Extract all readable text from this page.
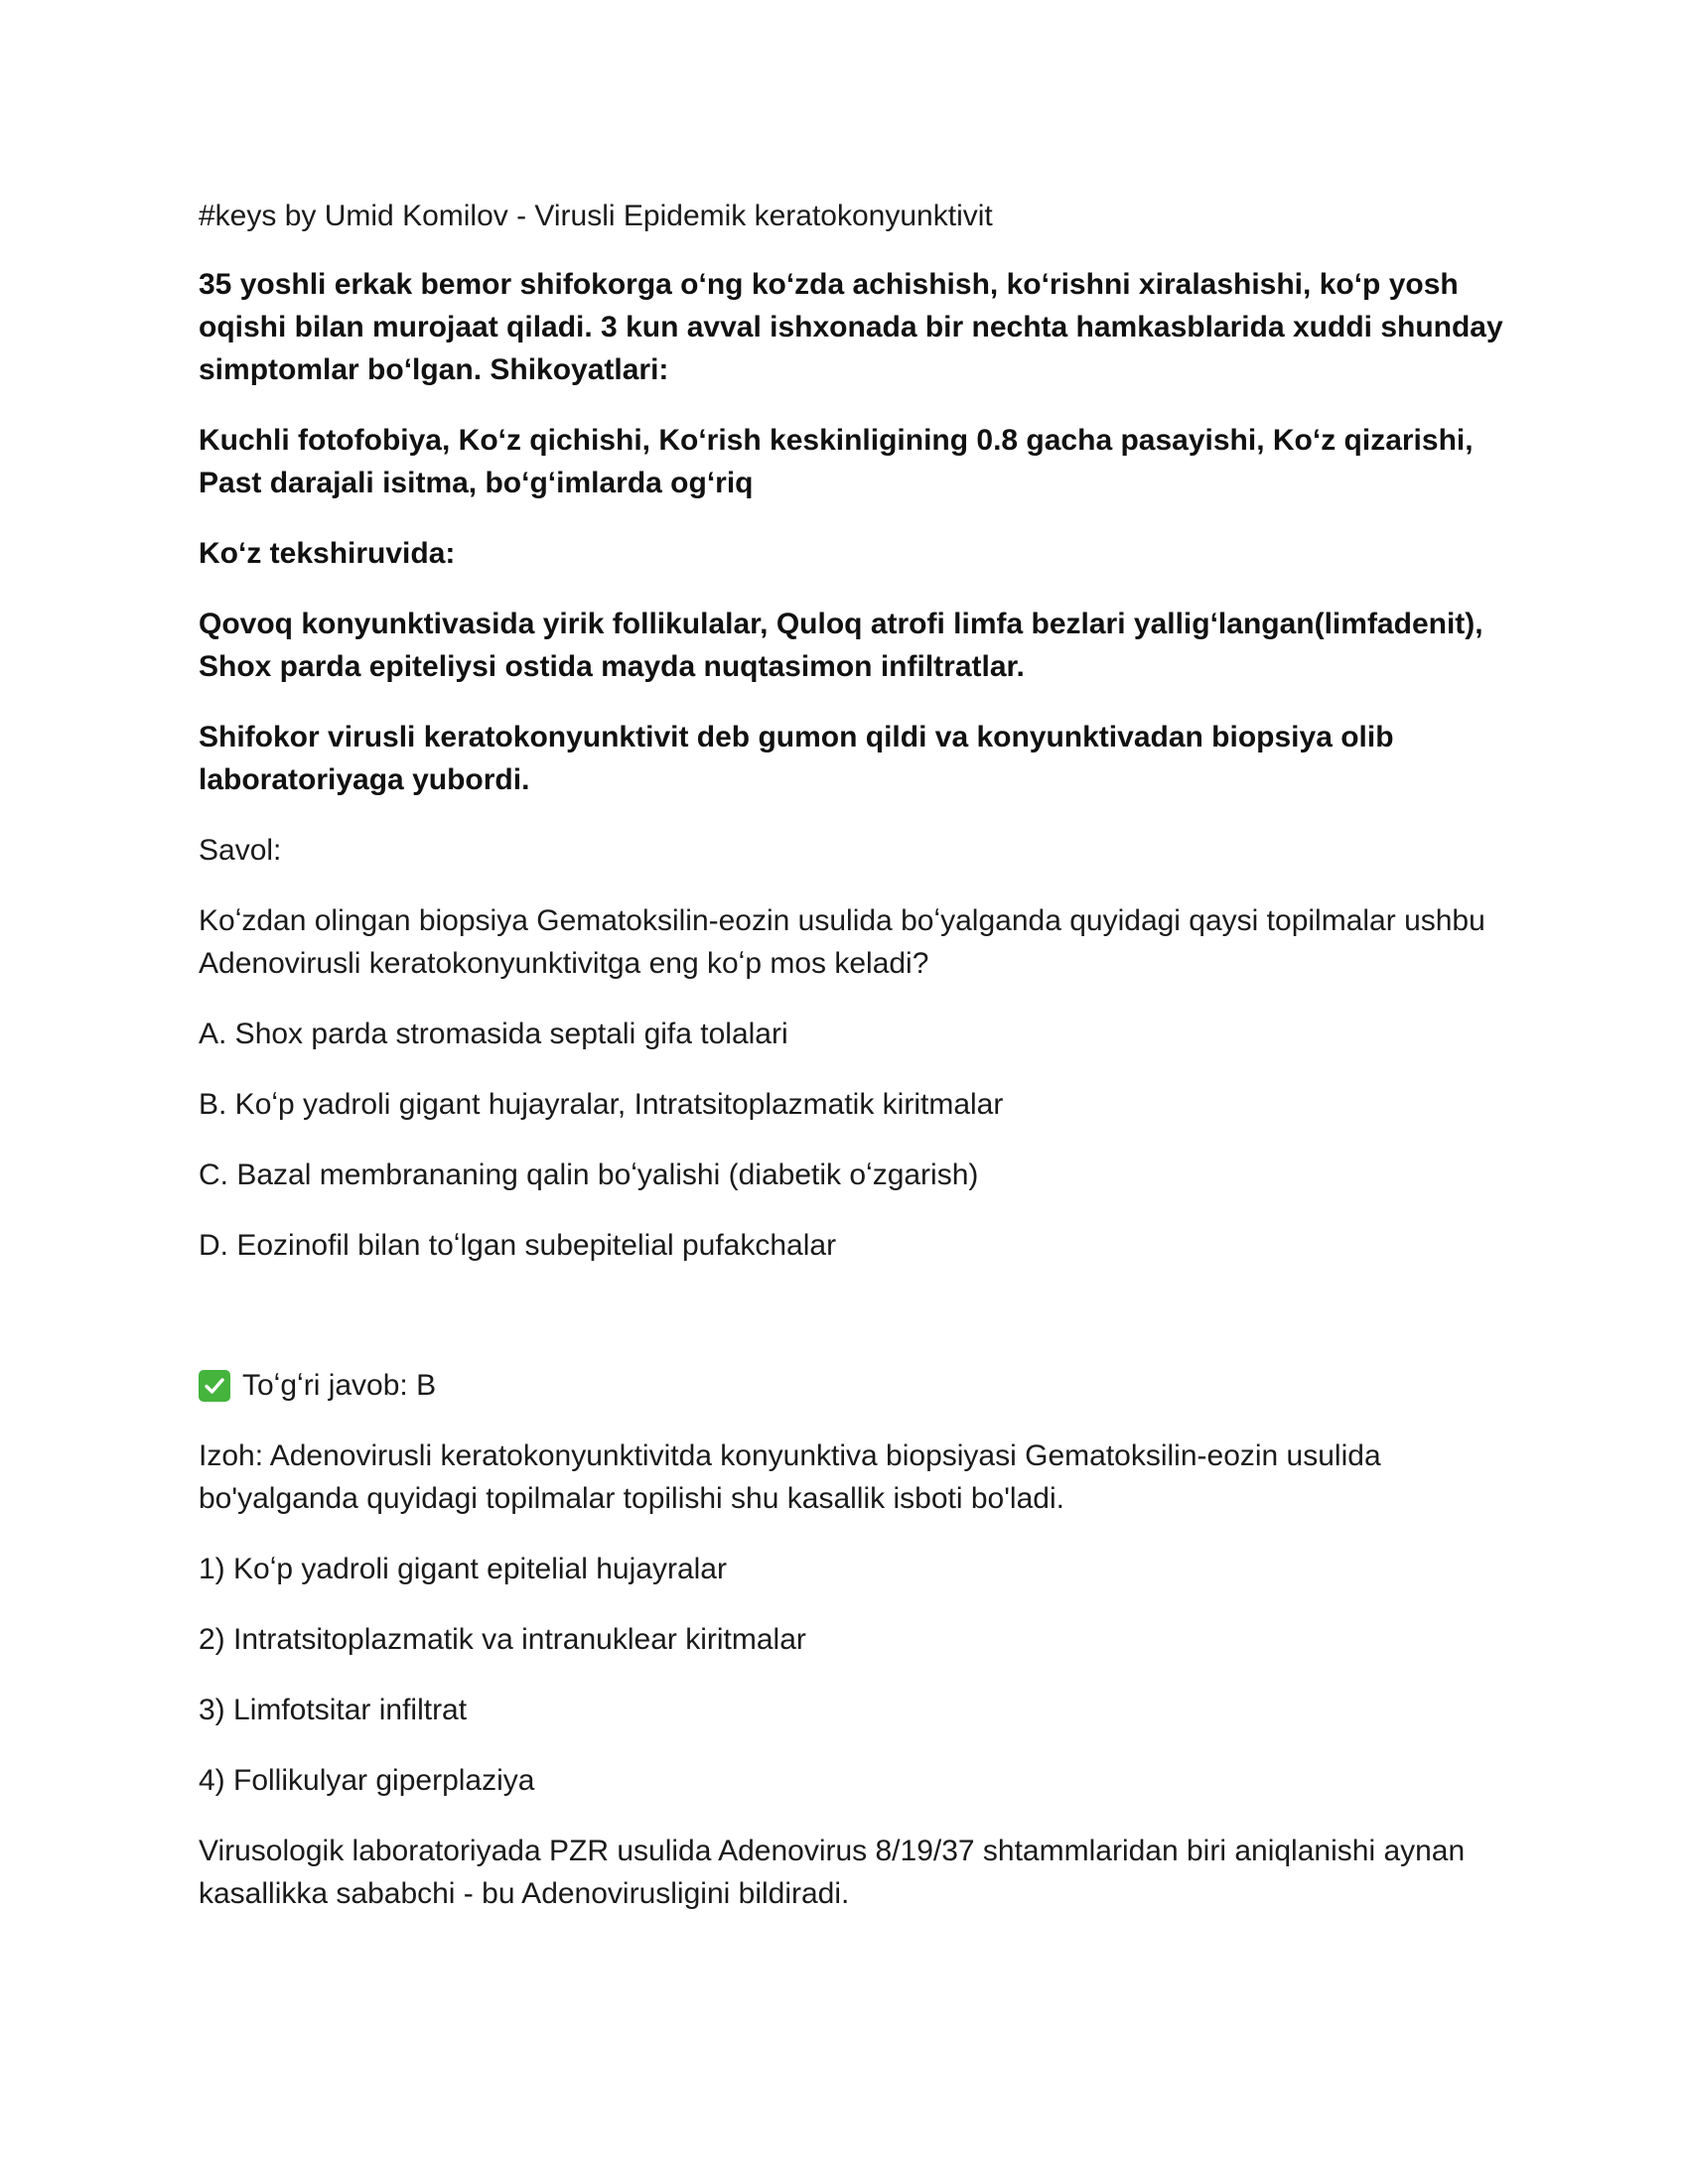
#keys by Umid Komilov - Virusli Epidemik keratokonyunktivit

35 yoshli erkak bemor shifokorga oʻng koʻzda achishish, koʻrishni xiralashishi, koʻp yosh oqishi bilan murojaat qiladi. 3 kun avval ishxonada bir nechta hamkasblarida xuddi shunday simptomlar boʻlgan. Shikoyatlari:

Kuchli fotofobiya, Koʻz qichishi, Koʻrish keskinligining 0.8 gacha pasayishi, Koʻz qizarishi, Past darajali isitma, boʻgʻimlarda ogʻriq

Koʻz tekshiruvida:

Qovoq konyunktivasida yirik follikulalar, Quloq atrofi limfa bezlari yalligʻlangan(limfadenit), Shox parda epiteliysi ostida mayda nuqtasimon infiltratlar.

Shifokor virusli keratokonyunktivit deb gumon qildi va konyunktivadan biopsiya olib laboratoriyaga yubordi.

Savol:

Koʻzdan olingan biopsiya Gematoksilin-eozin usulida boʻyalganda quyidagi qaysi topilmalar ushbu Adenovirusli keratokonyunktivitga eng koʻp mos keladi?

A. Shox parda stromasida septali gifa tolalari

B. Koʻp yadroli gigant hujayralar, Intratsitoplazmatik kiritmalar

C. Bazal membrananing qalin boʻyalishi (diabetik oʻzgarish)

D. Eozinofil bilan toʻlgan subepitelial pufakchalar

Toʻgʻri javob: B

Izoh: Adenovirusli keratokonyunktivitda konyunktiva biopsiyasi Gematoksilin-eozin usulida bo'yalganda quyidagi topilmalar topilishi shu kasallik isboti bo'ladi.

1) Koʻp yadroli gigant epitelial hujayralar

2) Intratsitoplazmatik va intranuklear kiritmalar

3) Limfotsitar infiltrat

4) Follikulyar giperplaziya

Virusologik laboratoriyada PZR usulida Adenovirus 8/19/37 shtammlaridan biri aniqlanishi aynan kasallikka sababchi - bu Adenovirusligini bildiradi.
